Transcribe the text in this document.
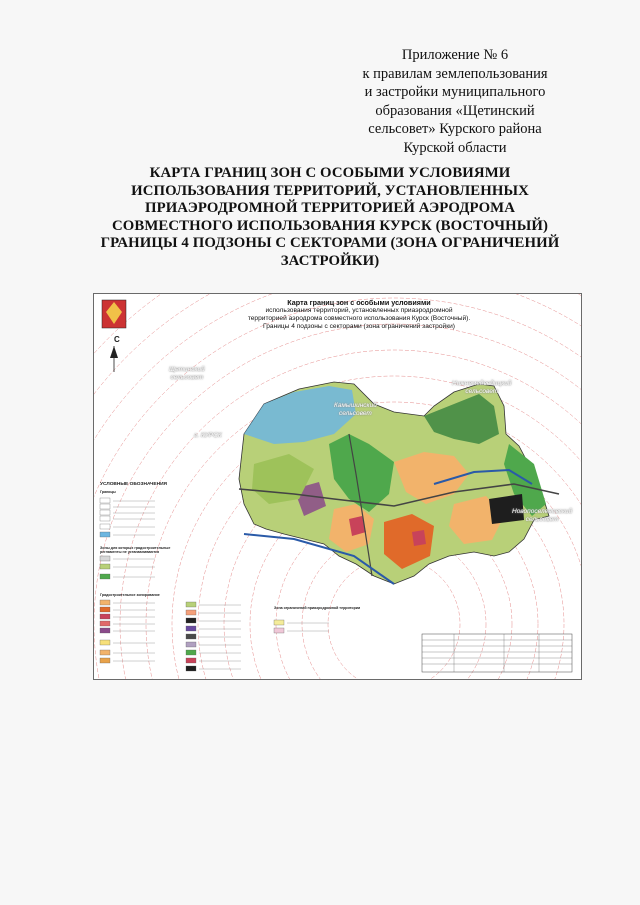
Приложение № 6
к правилам землепользования
и застройки муниципального
образования «Щетинский
сельсовет» Курского района
Курской области
КАРТА ГРАНИЦ ЗОН С ОСОБЫМИ УСЛОВИЯМИ
ИСПОЛЬЗОВАНИЯ ТЕРРИТОРИЙ, УСТАНОВЛЕННЫХ
ПРИАЭРОДРОМНОЙ ТЕРРИТОРИЕЙ АЭРОДРОМА
СОВМЕСТНОГО ИСПОЛЬЗОВАНИЯ КУРСК (ВОСТОЧНЫЙ)
ГРАНИЦЫ 4 ПОДЗОНЫ С СЕКТОРАМИ (ЗОНА ОГРАНИЧЕНИЙ
ЗАСТРОЙКИ)
Карта границ зон с особыми условиями
использования территорий, установленных приаэродромной
территорией аэродрома совместного использования Курск (Восточный).
Границы 4 подзоны с секторами (зона ограничений застройки)
С
Щетинский
сельсовет
Камышинский
сельсовет
Нижнемедведицкий
сельсовет
г. КУРСК
Новопоселеновский
сельсовет
УСЛОВНЫЕ ОБОЗНАЧЕНИЯ
Границы
Зоны для которых градостроительные регламенты не устанавливаются
Градостроительное зонирование
Зона ограничений приаэродромной территории
